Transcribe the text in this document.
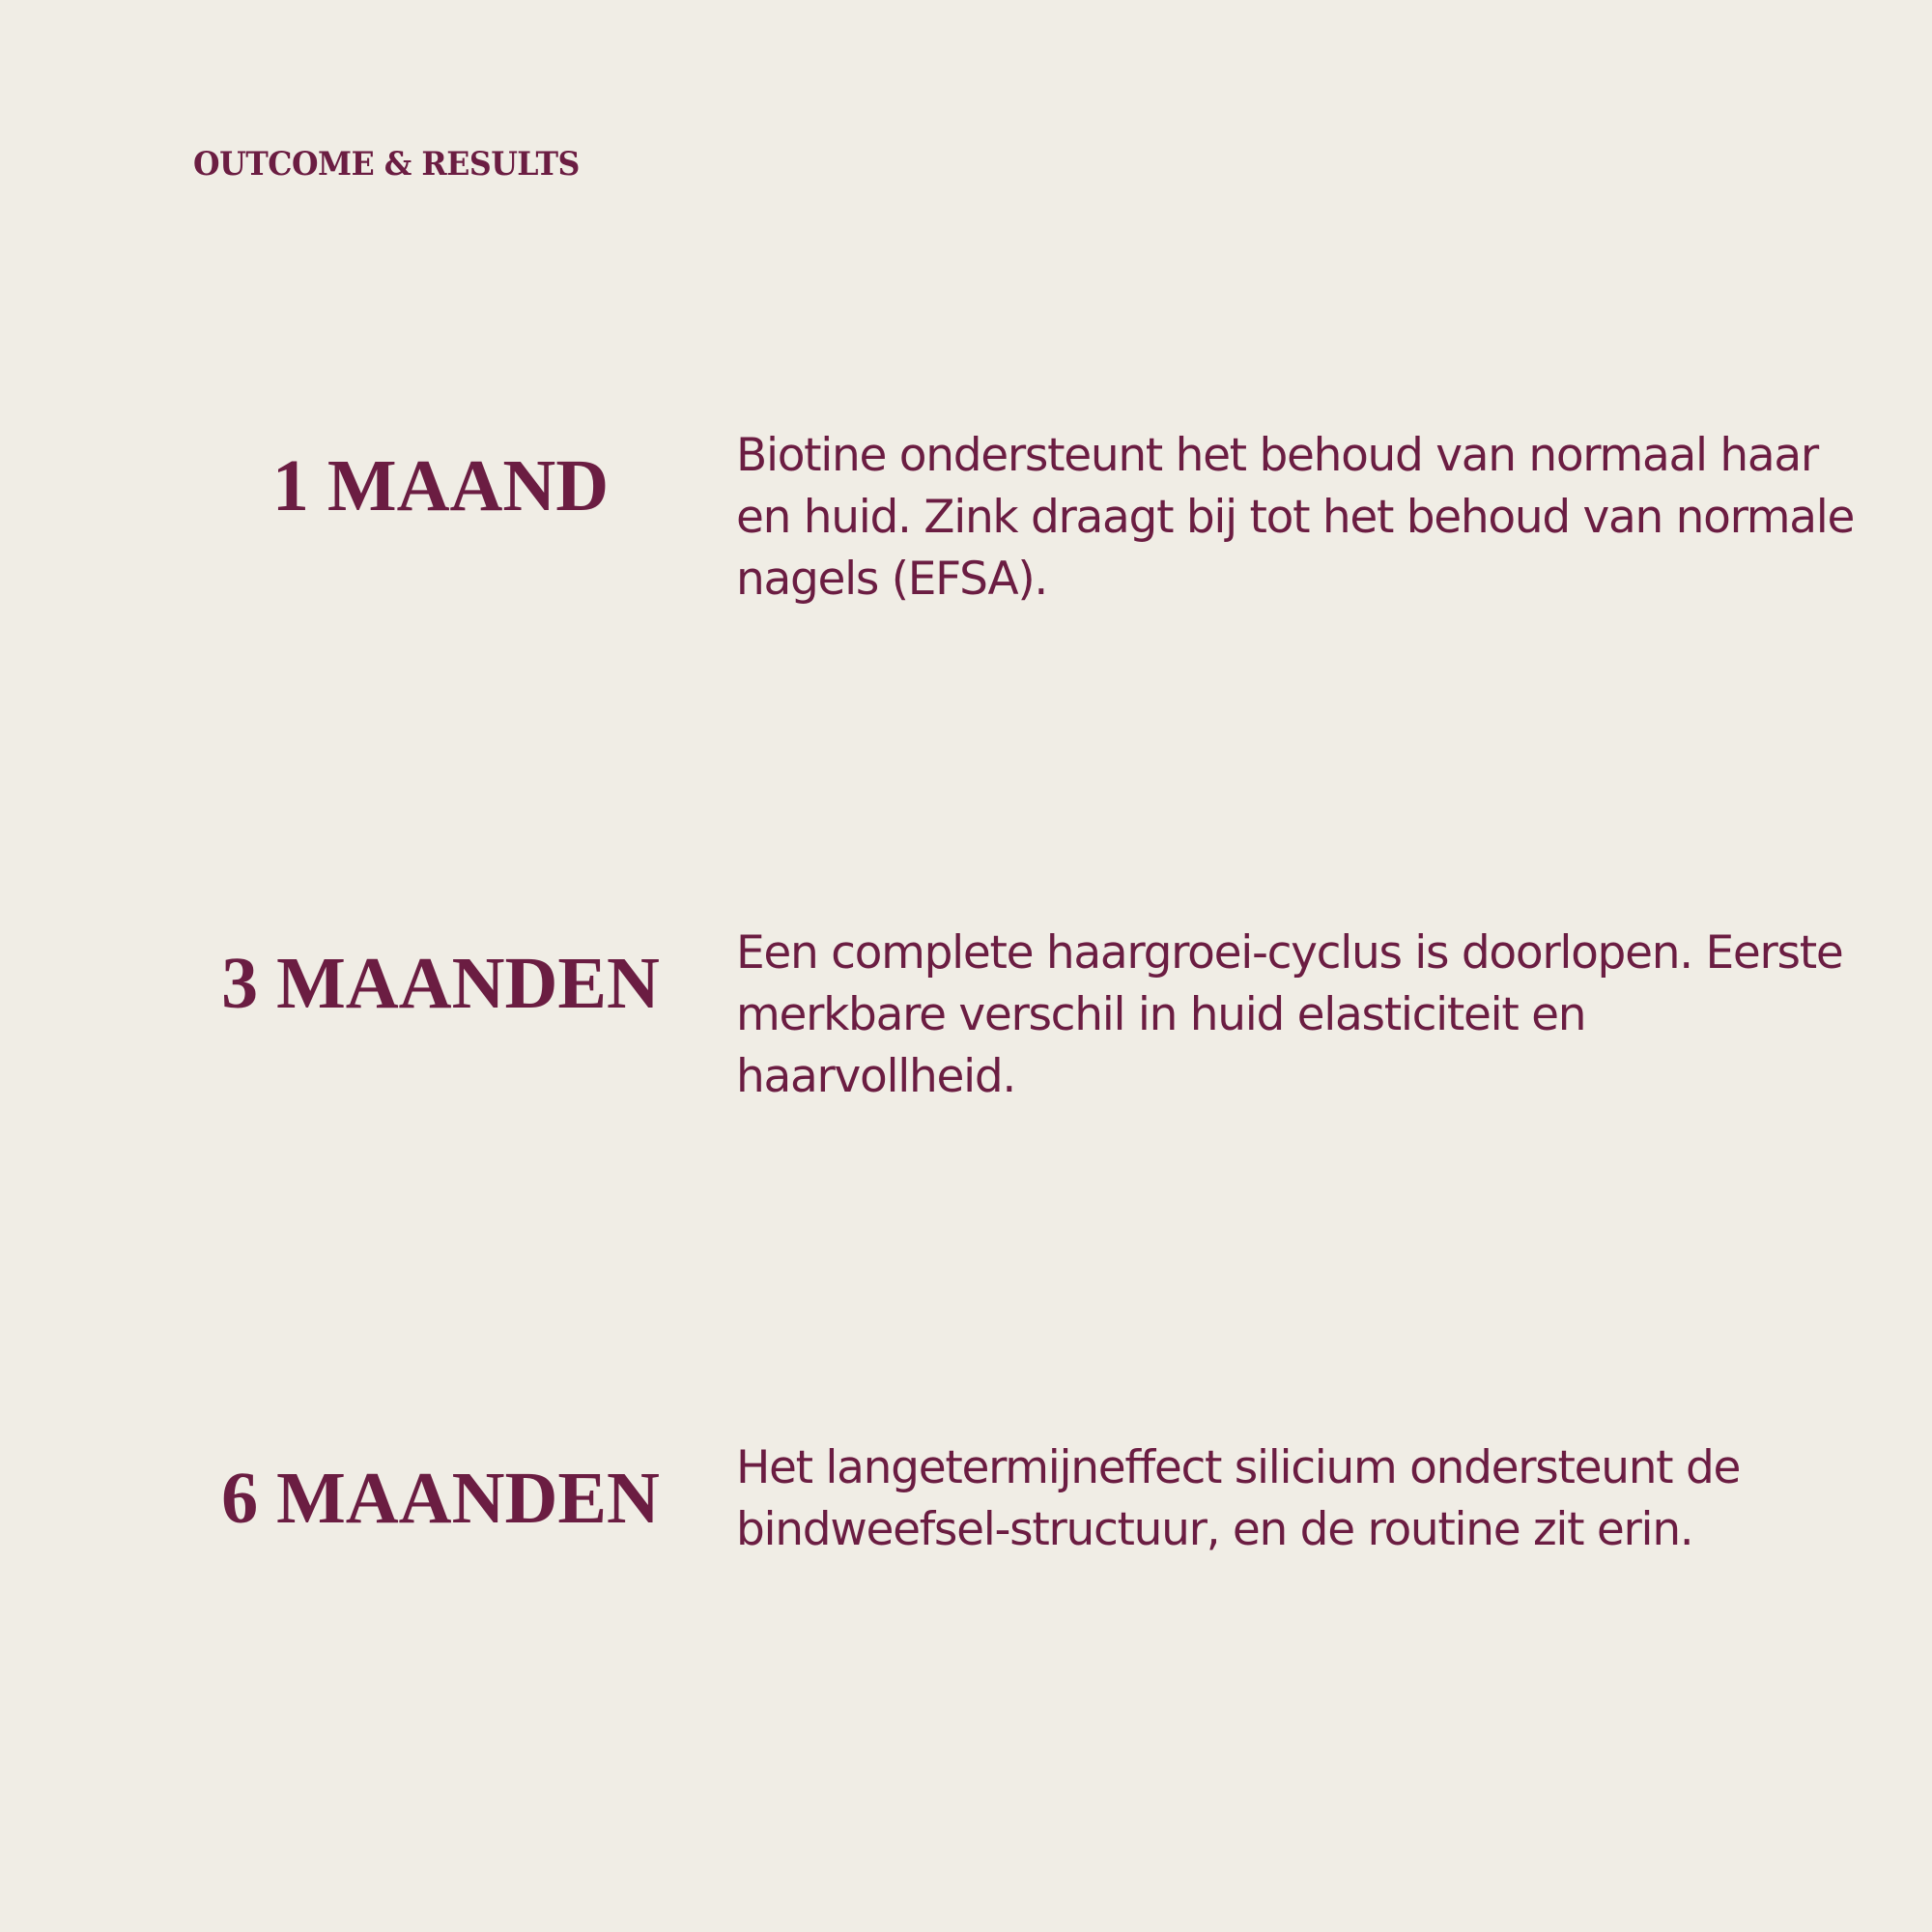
OUTCOME & RESULTS
1 MAAND	Biotine ondersteunt het behoud van normaal haar en huid. Zink draagt bij tot het behoud van normale nagels (EFSA).

3 MAANDEN	Een complete haargroei-cyclus is doorlopen. Eerste merkbare verschil in huid elasticiteit en haarvollheid.

6 MAANDEN	Het langetermijneffect silicium ondersteunt de bindweefsel-structuur, en de routine zit erin.
